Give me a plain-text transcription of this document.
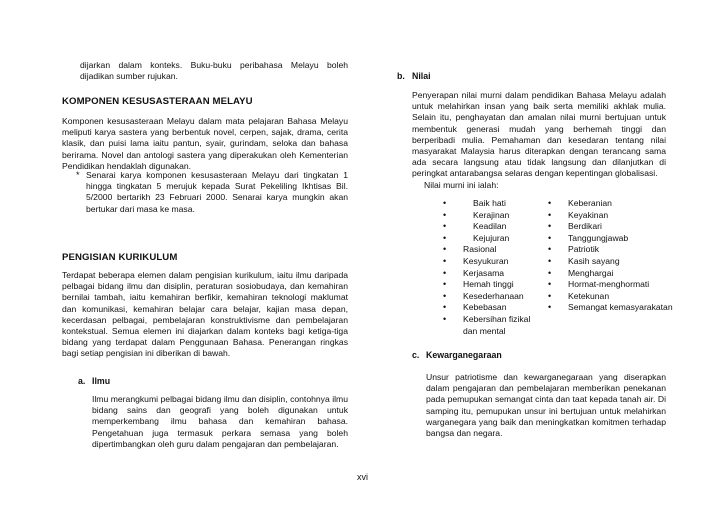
dijarkan dalam konteks. Buku-buku peribahasa Melayu boleh dijadikan sumber rujukan.

KOMPONEN KESUSASTERAAN MELAYU

Komponen kesusasteraan Melayu dalam mata pelajaran Bahasa Melayu meliputi karya sastera yang berbentuk novel, cerpen, sajak, drama, cerita klasik, dan puisi lama iaitu pantun, syair, gurindam, seloka dan bahasa berirama. Novel dan antologi sastera yang diperakukan oleh Kementerian Pendidikan hendaklah digunakan.

* Senarai karya komponen kesusasteraan Melayu dari tingkatan 1 hingga tingkatan 5 merujuk kepada Surat Pekeliling Ikhtisas Bil. 5/2000 bertarikh 23 Februari 2000. Senarai karya mungkin akan bertukar dari masa ke masa.

PENGISIAN KURIKULUM

Terdapat beberapa elemen dalam pengisian kurikulum, iaitu ilmu daripada pelbagai bidang ilmu dan disiplin, peraturan sosiobudaya, dan kemahiran bernilai tambah, iaitu kemahiran berfikir, kemahiran teknologi maklumat dan komunikasi, kemahiran belajar cara belajar, kajian masa depan, kecerdasan pelbagai, pembelajaran konstruktivisme dan pembelajaran kontekstual. Semua elemen ini diajarkan dalam konteks bagi ketiga-tiga bidang yang terdapat dalam Penggunaan Bahasa. Penerangan ringkas bagi setiap pengisian ini diberikan di bawah.

a. Ilmu

Ilmu merangkumi pelbagai bidang ilmu dan disiplin, contohnya ilmu bidang sains dan geografi yang boleh digunakan untuk memperkembang ilmu bahasa dan kemahiran bahasa. Pengetahuan juga termasuk perkara semasa yang boleh dipertimbangkan oleh guru dalam pengajaran dan pembelajaran.

b. Nilai

Penyerapan nilai murni dalam pendidikan Bahasa Melayu adalah untuk melahirkan insan yang baik serta memiliki akhlak mulia. Selain itu, penghayatan dan amalan nilai murni bertujuan untuk membentuk generasi mudah yang berhemah tinggi dan berperibadi mulia. Pemahaman dan kesedaran tentang nilai masyarakat Malaysia harus diterapkan dengan terancang sama ada secara langsung atau tidak langsung dan dilanjutkan di peringkat antarabangsa selaras dengan kepentingan globalisasi.

Nilai murni ini ialah:

• Baik hati
• Kerajinan
• Keadilan
• Kejujuran
• Rasional
• Kesyukuran
• Kerjasama
• Hemah tinggi
• Kesederhanaan
• Kebebasan
• Kebersihan fizikal dan mental
• Keberanian
• Keyakinan
• Berdikari
• Tanggungjawab
• Patriotik
• Kasih sayang
• Menghargai
• Hormat-menghormati
• Ketekunan
• Semangat kemasyarakatan
c. Kewarganegaraan

Unsur patriotisme dan kewarganegaraan yang diserapkan dalam pengajaran dan pembelajaran memberikan penekanan pada pemupukan semangat cinta dan taat kepada tanah air. Di samping itu, pemupukan unsur ini bertujuan untuk melahirkan warganegara yang baik dan meningkatkan komitmen terhadap bangsa dan negara.

xvi
